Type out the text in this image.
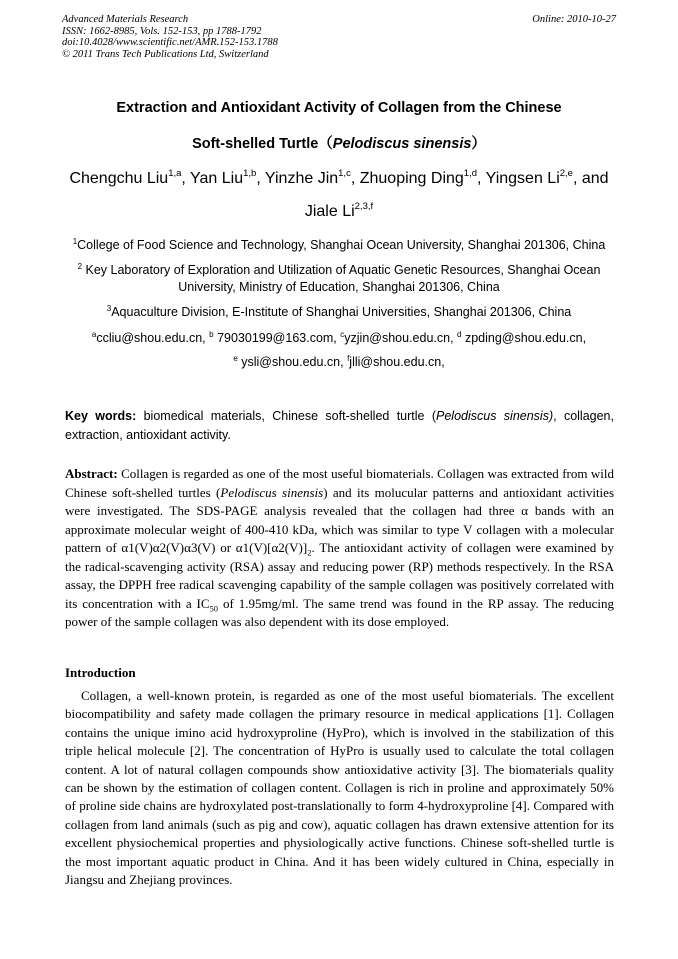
Advanced Materials Research
ISSN: 1662-8985, Vols. 152-153, pp 1788-1792
doi:10.4028/www.scientific.net/AMR.152-153.1788
© 2011 Trans Tech Publications Ltd, Switzerland
Online: 2010-10-27
Extraction and Antioxidant Activity of Collagen from the Chinese
Soft-shelled Turtle（Pelodiscus sinensis）
Chengchu Liu$^{1,a}$, Yan Liu$^{1,b}$, Yinzhe Jin$^{1,c}$, Zhuoping Ding$^{1,d}$, Yingsen Li$^{2,e}$, and
Jiale Li$^{2,3,f}$
$^1$College of Food Science and Technology, Shanghai Ocean University, Shanghai 201306, China
$^2$ Key Laboratory of Exploration and Utilization of Aquatic Genetic Resources, Shanghai Ocean
University, Ministry of Education, Shanghai 201306, China
$^3$Aquaculture Division, E-Institute of Shanghai Universities, Shanghai 201306, China
$^a$ccliu@shou.edu.cn, $^b$ 79030199@163.com, $^c$yzjin@shou.edu.cn, $^d$ zpding@shou.edu.cn,
$^e$ ysli@shou.edu.cn, $^f$jlli@shou.edu.cn,
Key words: biomedical materials, Chinese soft-shelled turtle (Pelodiscus sinensis), collagen, extraction, antioxidant activity.
Abstract: Collagen is regarded as one of the most useful biomaterials. Collagen was extracted from wild Chinese soft-shelled turtles (Pelodiscus sinensis) and its molucular patterns and antioxidant activities were investigated. The SDS-PAGE analysis revealed that the collagen had three α bands with an approximate molecular weight of 400-410 kDa, which was similar to type V collagen with a molecular pattern of α1(V)α2(V)α3(V) or $\alpha 1(V)[\alpha 2(V)]_2$. The antioxidant activity of collagen were examined by the radical-scavenging activity (RSA) assay and reducing power (RP) methods respectively. In the RSA assay, the DPPH free radical scavenging capability of the sample collagen was positively correlated with its concentration with a $IC_{50}$ of 1.95mg/ml. The same trend was found in the RP assay. The reducing power of the sample collagen was also dependent with its dose employed.
Introduction
Collagen, a well-known protein, is regarded as one of the most useful biomaterials. The excellent biocompatibility and safety made collagen the primary resource in medical applications [1]. Collagen contains the unique imino acid hydroxyproline (HyPro), which is involved in the stabilization of this triple helical molecule [2]. The concentration of HyPro is usually used to calculate the total collagen content. A lot of natural collagen compounds show antioxidative activity [3]. The biomaterials quality can be shown by the estimation of collagen content. Collagen is rich in proline and approximately 50% of proline side chains are hydroxylated post-translationally to form 4-hydroxyproline [4]. Compared with collagen from land animals (such as pig and cow), aquatic collagen has drawn extensive attention for its excellent physiochemical properties and physiologically active functions. Chinese soft-shelled turtle is the most important aquatic product in China. And it has been widely cultured in China, especially in Jiangsu and Zhejiang provinces.
